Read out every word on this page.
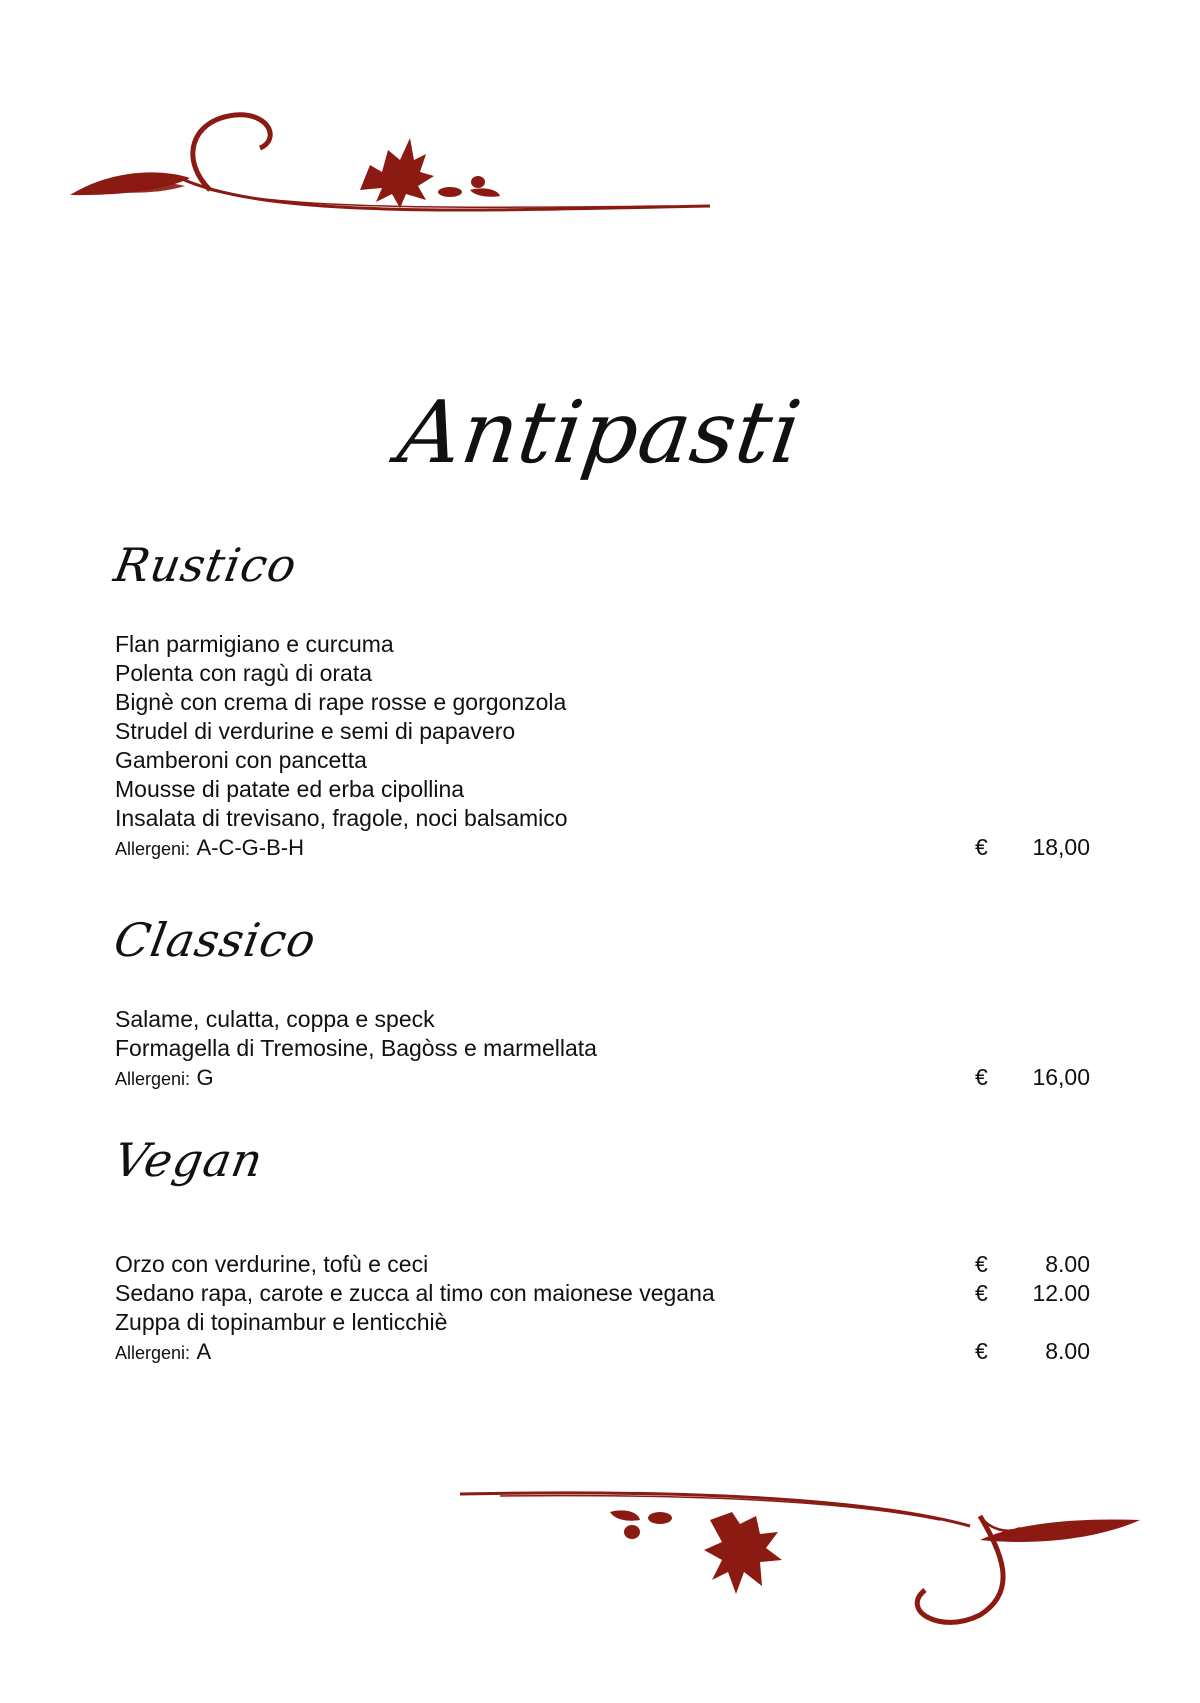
Antipasti
Rustico
Flan parmigiano e curcuma
Polenta con ragù di orata
Bignè con crema di rape rosse e gorgonzola
Strudel di verdurine e semi di papavero
Gamberoni con pancetta
Mousse di patate ed erba cipollina
Insalata di trevisano, fragole, noci balsamico
Allergeni: A-C-G-B-H	€ 18,00
Classico
Salame, culatta, coppa e speck
Formagella di Tremosine, Bagòss e marmellata
Allergeni: G	€ 16,00
Vegan
Orzo con verdurine, tofù e ceci	€ 8.00
Sedano rapa, carote e zucca al timo con maionese vegana	€ 12.00
Zuppa di topinambur e lenticchiè
Allergeni: A	€ 8.00
